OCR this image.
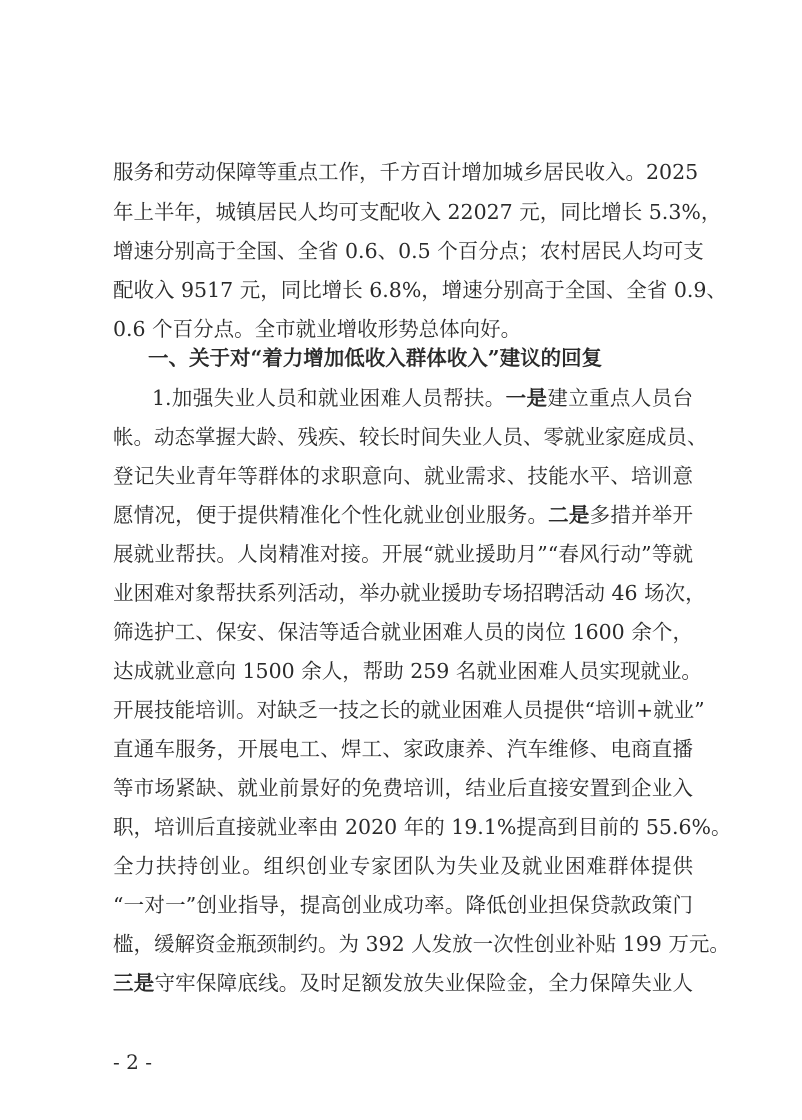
服务和劳动保障等重点工作，千方百计增加城乡居民收入。2025
年上半年，城镇居民人均可支配收入 22027 元，同比增长 5.3%，
增速分别高于全国、全省 0.6、0.5 个百分点；农村居民人均可支
配收入 9517 元，同比增长 6.8%，增速分别高于全国、全省 0.9、
0.6 个百分点。全市就业增收形势总体向好。
一、关于对“着力增加低收入群体收入”建议的回复
1.加强失业人员和就业困难人员帮扶。一是建立重点人员台
帐。动态掌握大龄、残疾、较长时间失业人员、零就业家庭成员、
登记失业青年等群体的求职意向、就业需求、技能水平、培训意
愿情况，便于提供精准化个性化就业创业服务。二是多措并举开
展就业帮扶。人岗精准对接。开展“就业援助月”“春风行动”等就
业困难对象帮扶系列活动，举办就业援助专场招聘活动 46 场次，
筛选护工、保安、保洁等适合就业困难人员的岗位 1600 余个，
达成就业意向 1500 余人，帮助 259 名就业困难人员实现就业。
开展技能培训。对缺乏一技之长的就业困难人员提供“培训+就业”
直通车服务，开展电工、焊工、家政康养、汽车维修、电商直播
等市场紧缺、就业前景好的免费培训，结业后直接安置到企业入
职，培训后直接就业率由 2020 年的 19.1%提高到目前的 55.6%。
全力扶持创业。组织创业专家团队为失业及就业困难群体提供
“一对一”创业指导，提高创业成功率。降低创业担保贷款政策门
槛，缓解资金瓶颈制约。为 392 人发放一次性创业补贴 199 万元。
三是守牢保障底线。及时足额发放失业保险金，全力保障失业人
- 2 -
